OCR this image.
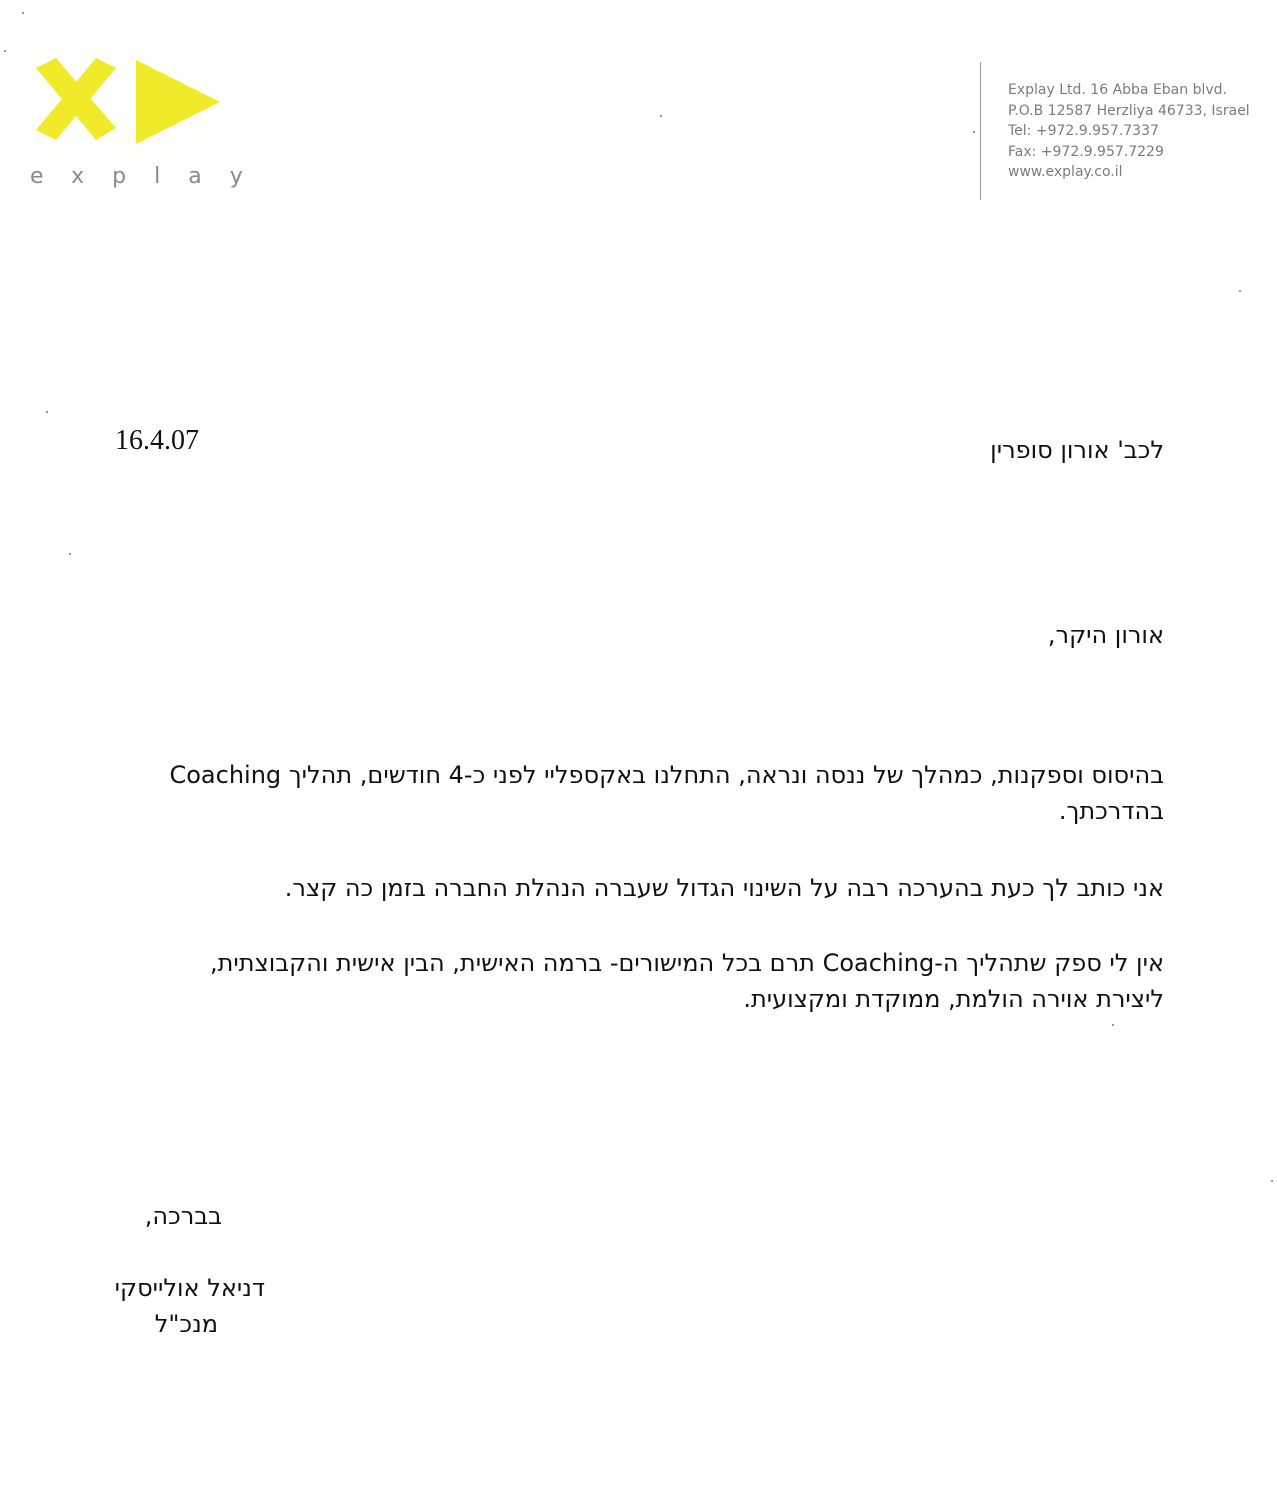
explay
Explay Ltd. 16 Abba Eban blvd.
P.O.B 12587 Herzliya 46733, Israel
Tel: +972.9.957.7337
Fax: +972.9.957.7229
www.explay.co.il
16.4.07	לכב' אורון סופרין
אורון היקר,
בהיסוס וספקנות, כמהלך של ננסה ונראה, התחלנו באקספליי לפני כ-4 חודשים, תהליך Coaching
בהדרכתך.
אני כותב לך כעת בהערכה רבה על השינוי הגדול שעברה הנהלת החברה בזמן כה קצר.
אין לי ספק שתהליך ה-Coaching תרם בכל המישורים- ברמה האישית, הבין אישית והקבוצתית,
ליצירת אוירה הולמת, ממוקדת ומקצועית.
בברכה,
דניאל אולייסקי
מנכ"ל
